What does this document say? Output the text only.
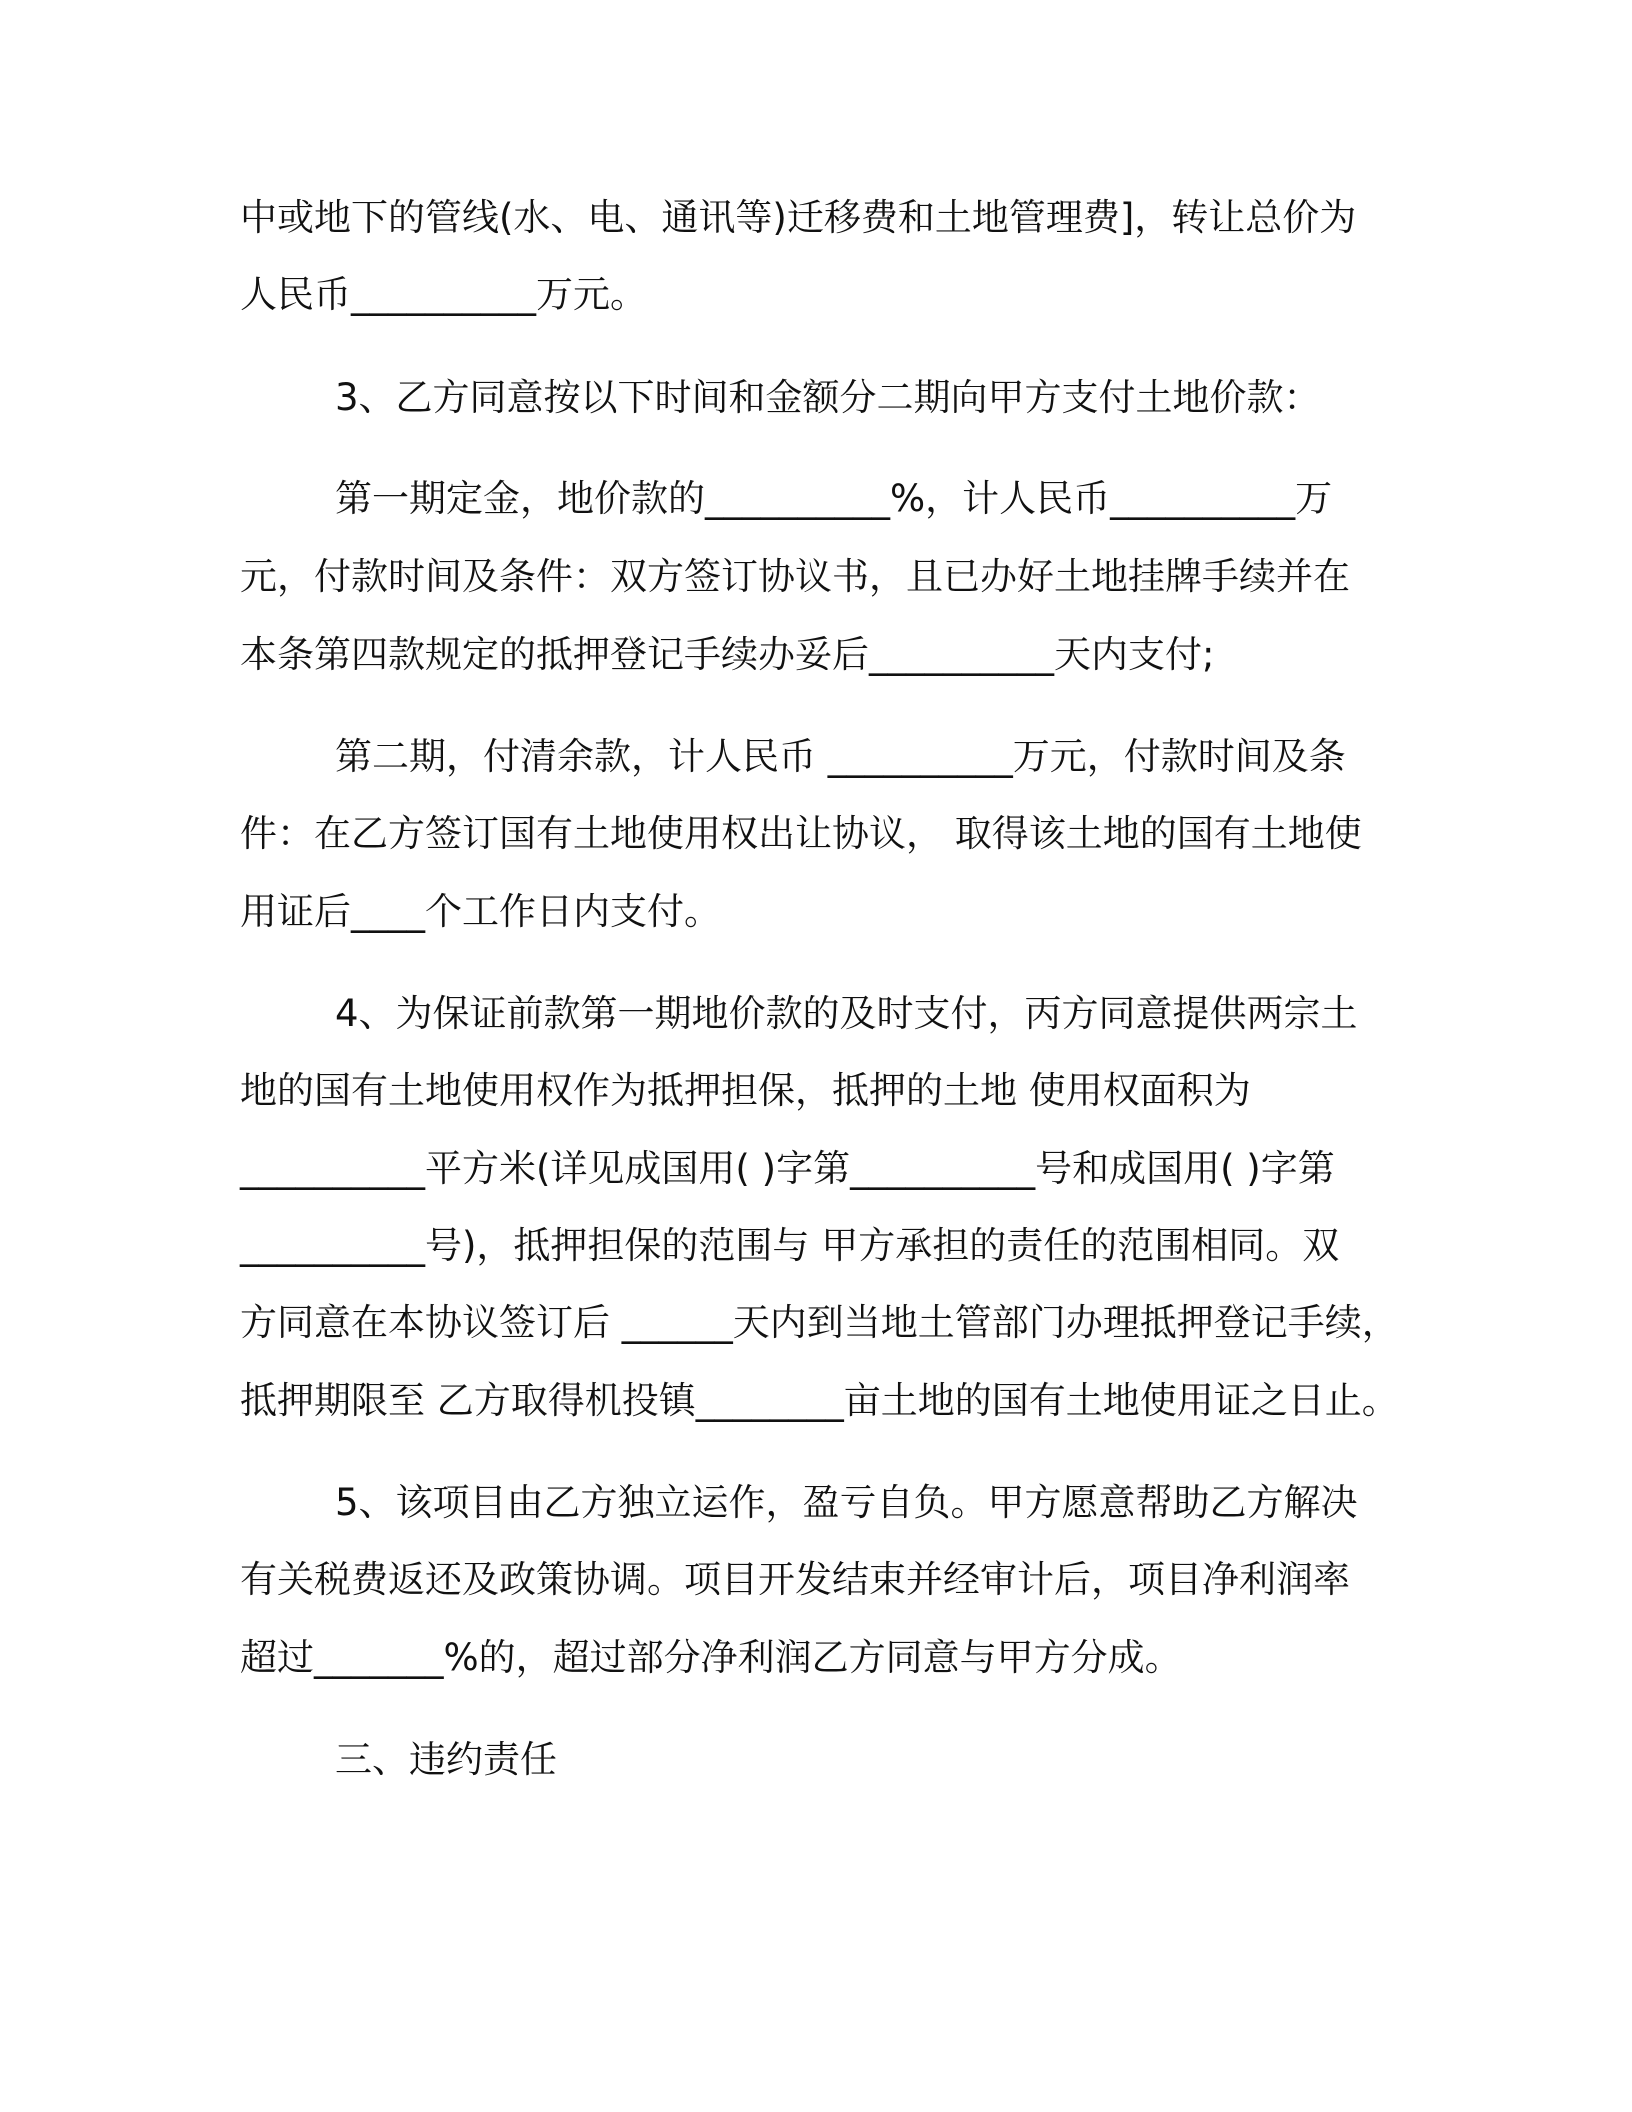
中或地下的管线(水、电、通讯等)迁移费和土地管理费]，转让总价为

人民币__________万元。

3、乙方同意按以下时间和金额分二期向甲方支付土地价款：

第一期定金，地价款的__________%，计人民币__________万

元，付款时间及条件：双方签订协议书，且已办好土地挂牌手续并在

本条第四款规定的抵押登记手续办妥后__________天内支付;

第二期，付清余款，计人民币 __________万元，付款时间及条

件：在乙方签订国有土地使用权出让协议， 取得该土地的国有土地使

用证后____个工作日内支付。

4、为保证前款第一期地价款的及时支付，丙方同意提供两宗土

地的国有土地使用权作为抵押担保，抵押的土地 使用权面积为

__________平方米(详见成国用( )字第__________号和成国用( )字第

__________号)，抵押担保的范围与 甲方承担的责任的范围相同。双

方同意在本协议签订后 ______天内到当地土管部门办理抵押登记手续，

抵押期限至 乙方取得机投镇________亩土地的国有土地使用证之日止。

5、该项目由乙方独立运作，盈亏自负。甲方愿意帮助乙方解决

有关税费返还及政策协调。项目开发结束并经审计后，项目净利润率

超过_______%的，超过部分净利润乙方同意与甲方分成。

三、违约责任
